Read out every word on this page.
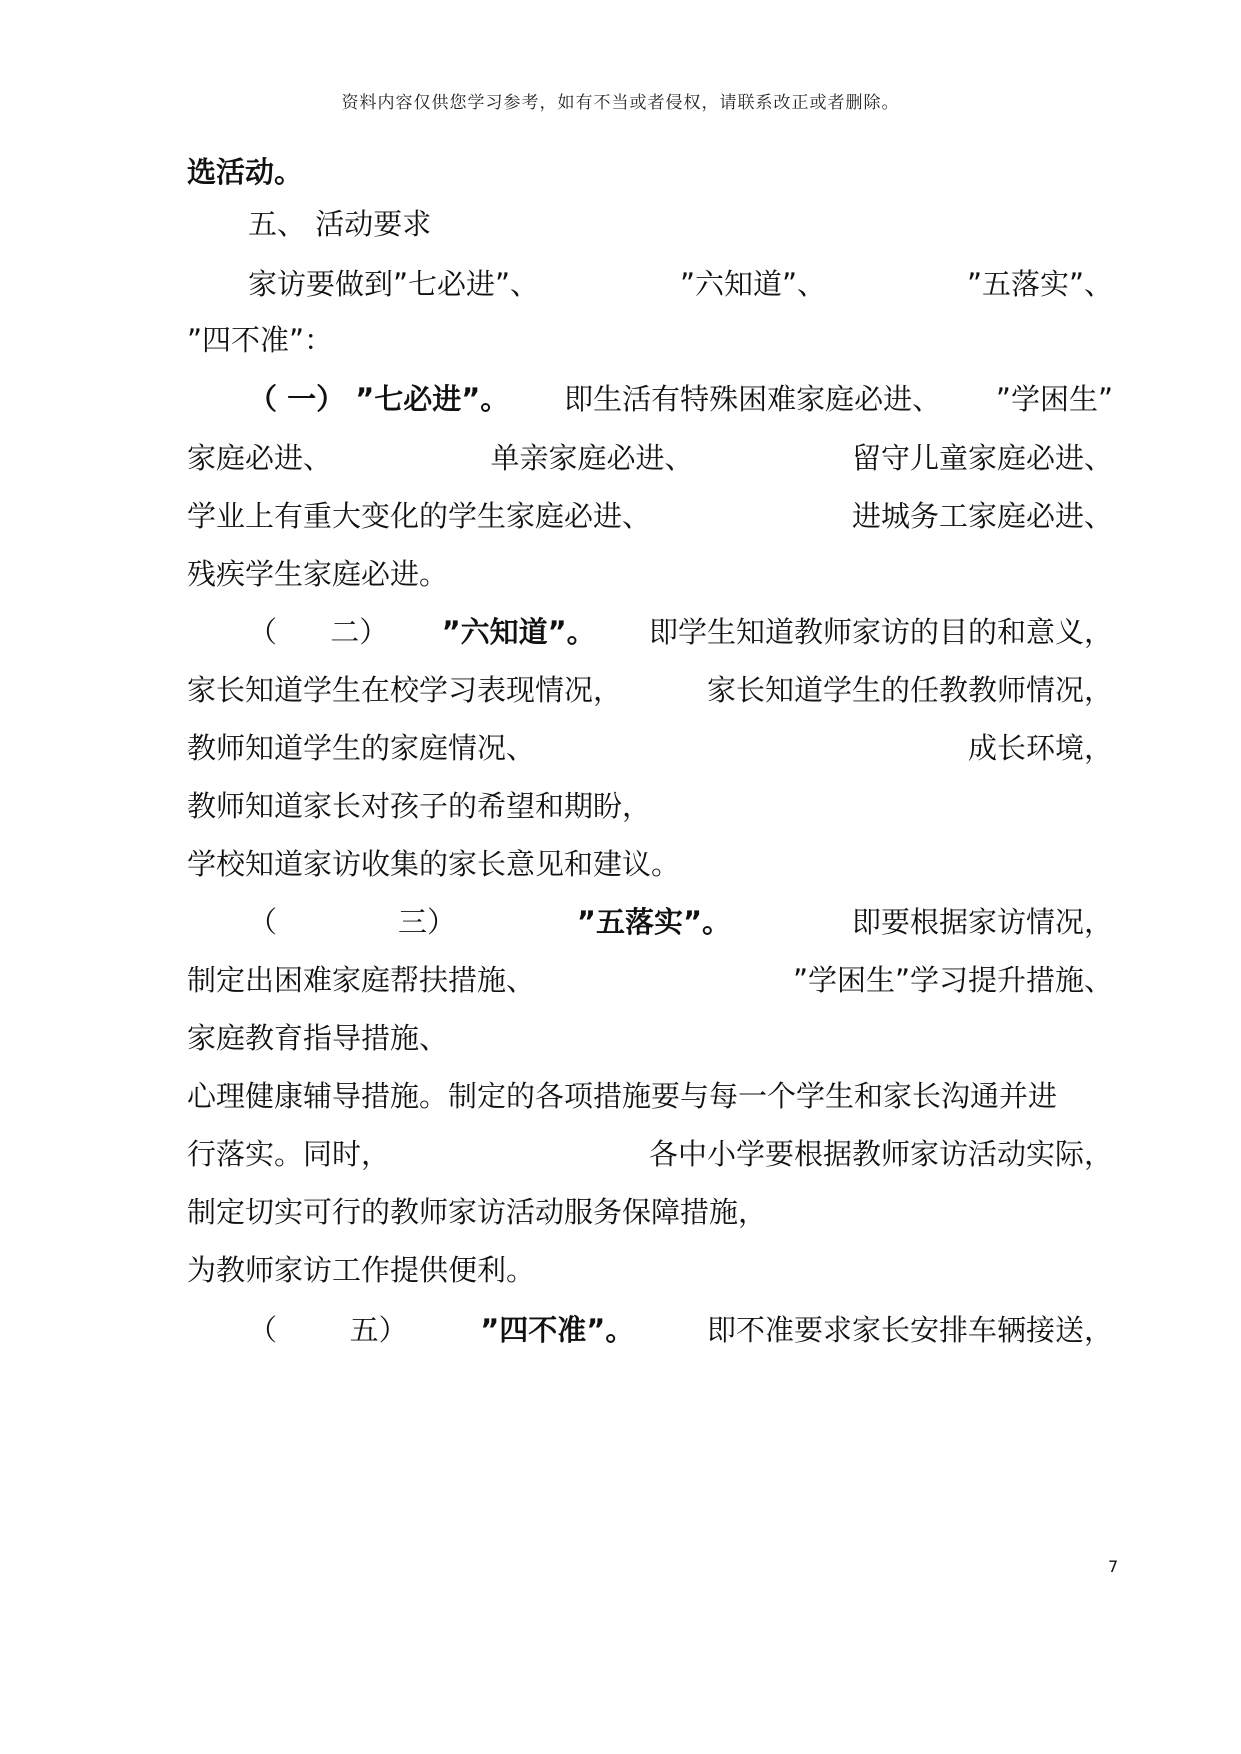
资料内容仅供您学习参考，如有不当或者侵权，请联系改正或者删除。
选活动。
五、 活动要求
家访要做到”七必进”、	”六知道”、	”五落实”、
”四不准”：
（ 一） ”七必进”。 即生活有特殊困难家庭必进、 ”学困生”
家庭必进、	单亲家庭必进、	留守儿童家庭必进、
学业上有重大变化的学生家庭必进、	进城务工家庭必进、
残疾学生家庭必进。
（ 二） ”六知道”。 即学生知道教师家访的目的和意义，
家长知道学生在校学习表现情况，	家长知道学生的任教教师情况，
教师知道学生的家庭情况、	成长环境，
教师知道家长对孩子的希望和期盼，
学校知道家访收集的家长意见和建议。
（	三）	”五落实”。	即要根据家访情况，
制定出困难家庭帮扶措施、	”学困生”学习提升措施、
家庭教育指导措施、
心理健康辅导措施。制定的各项措施要与每一个学生和家长沟通并进
行落实。同时，	各中小学要根据教师家访活动实际，
制定切实可行的教师家访活动服务保障措施，
为教师家访工作提供便利。
（	五）	”四不准”。	即不准要求家长安排车辆接送，
7
